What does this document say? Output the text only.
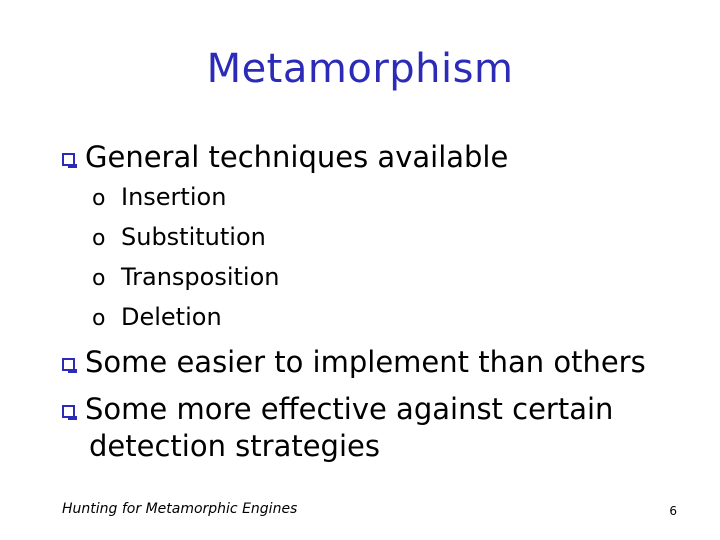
Metamorphism
General techniques available
o Insertion
o Substitution
o Transposition
o Deletion
Some easier to implement than others
Some more effective against certain
detection strategies
Hunting for Metamorphic Engines	6
